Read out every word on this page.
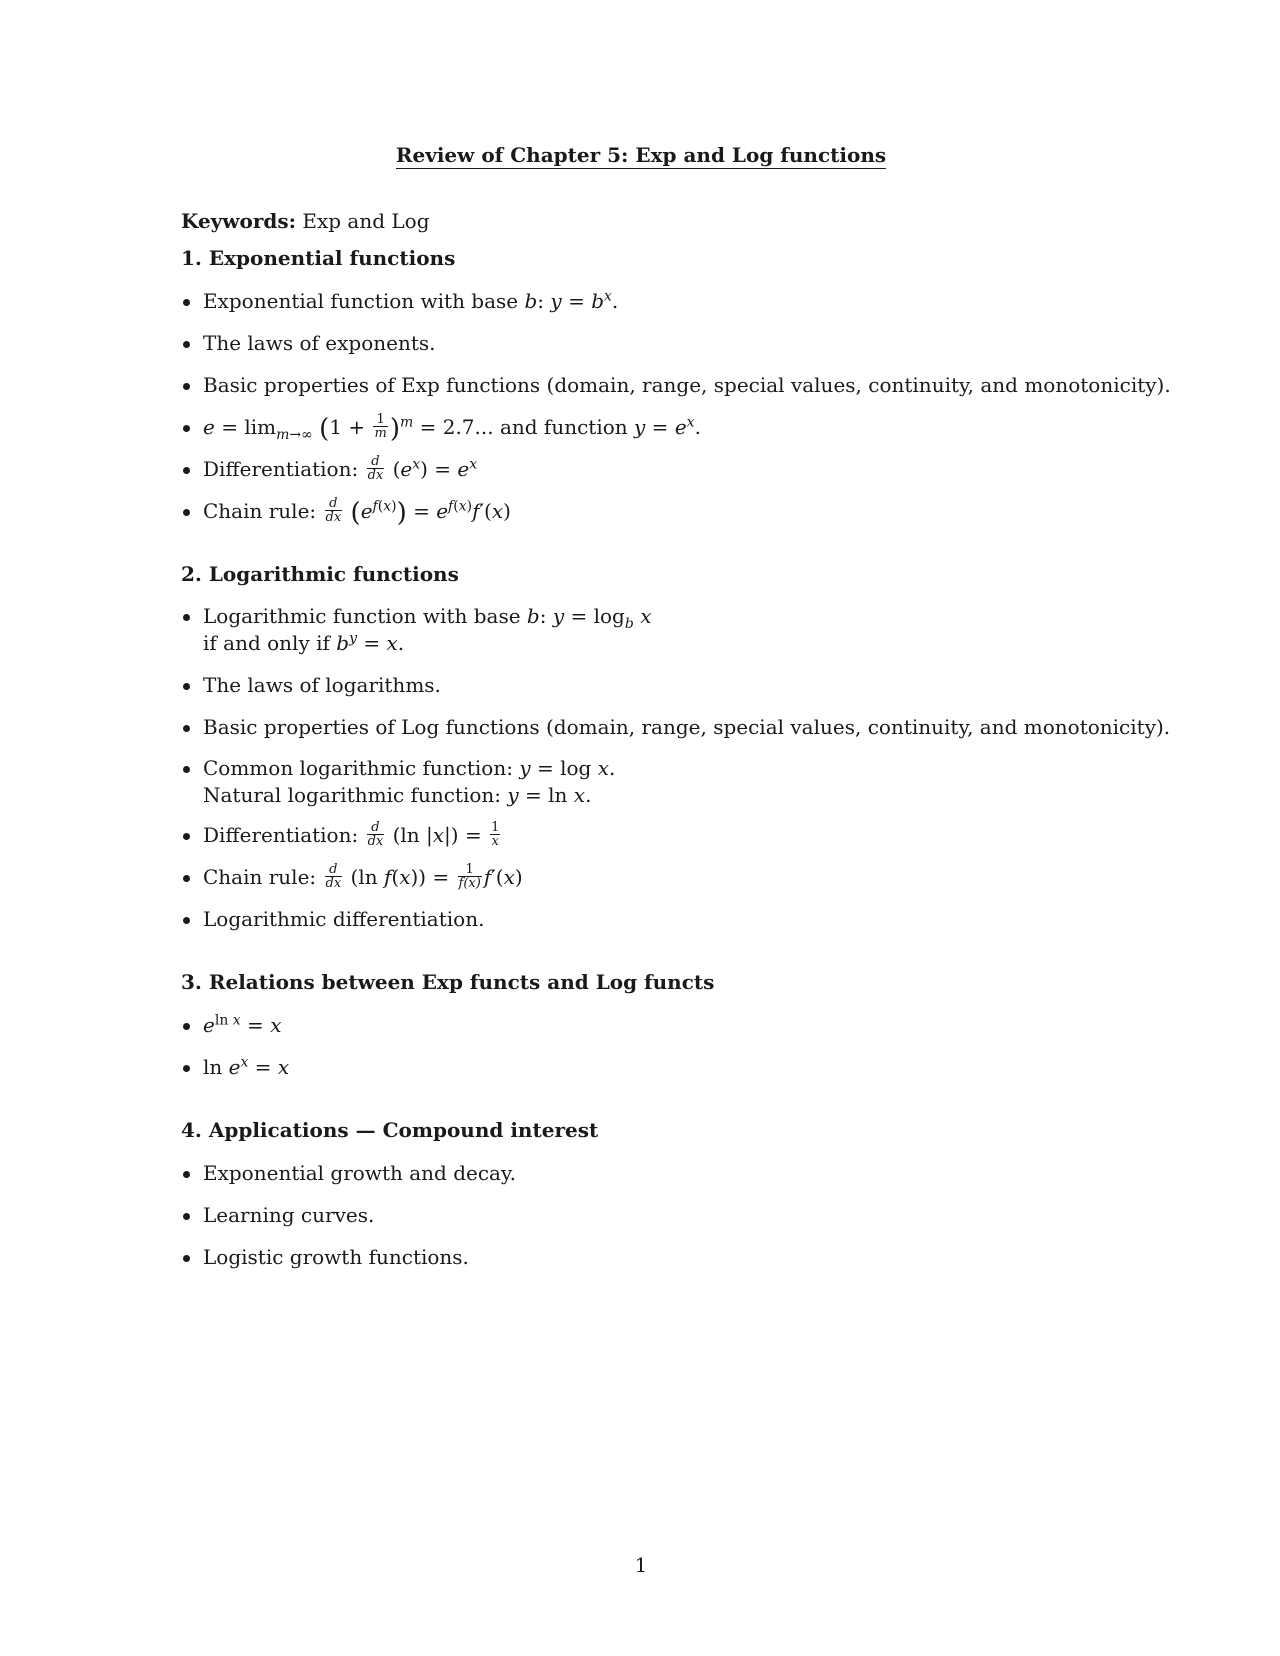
Review of Chapter 5: Exp and Log functions
Keywords: Exp and Log
1. Exponential functions
Exponential function with base b: $y = b^x$.
The laws of exponents.
Basic properties of Exp functions (domain, range, special values, continuity, and monotonicity).
$e = \lim_{m\to\infty} (1 + \frac{1}{m} )^m = 2.7$... and function $y = e^x$.
Differentiation: $\frac{d}{dx} (e^x) = e^x$
Chain rule: $\frac{d}{dx} (e^{f(x)}) = e^{f(x)}f'(x)$
2. Logarithmic functions
Logarithmic function with base b: $y = \log_b x$
if and only if $b^y = x$.
The laws of logarithms.
Basic properties of Log functions (domain, range, special values, continuity, and monotonicity).
Common logarithmic function: y = log x.
Natural logarithmic function: y = ln x.
Differentiation: $\frac{d}{dx} (\ln$ $|x|) = \frac{1}{x}$
Chain rule: $\frac{d}{dx} (\ln$ $f(x)) = \frac{1}{f(x)} f'(x)$
Logarithmic differentiation.
3. Relations between Exp functs and Log functs
$e^{ln x} = x$
$\ln e^x = x$
4. Applications — Compound interest
Exponential growth and decay.
Learning curves.
Logistic growth functions.
1
